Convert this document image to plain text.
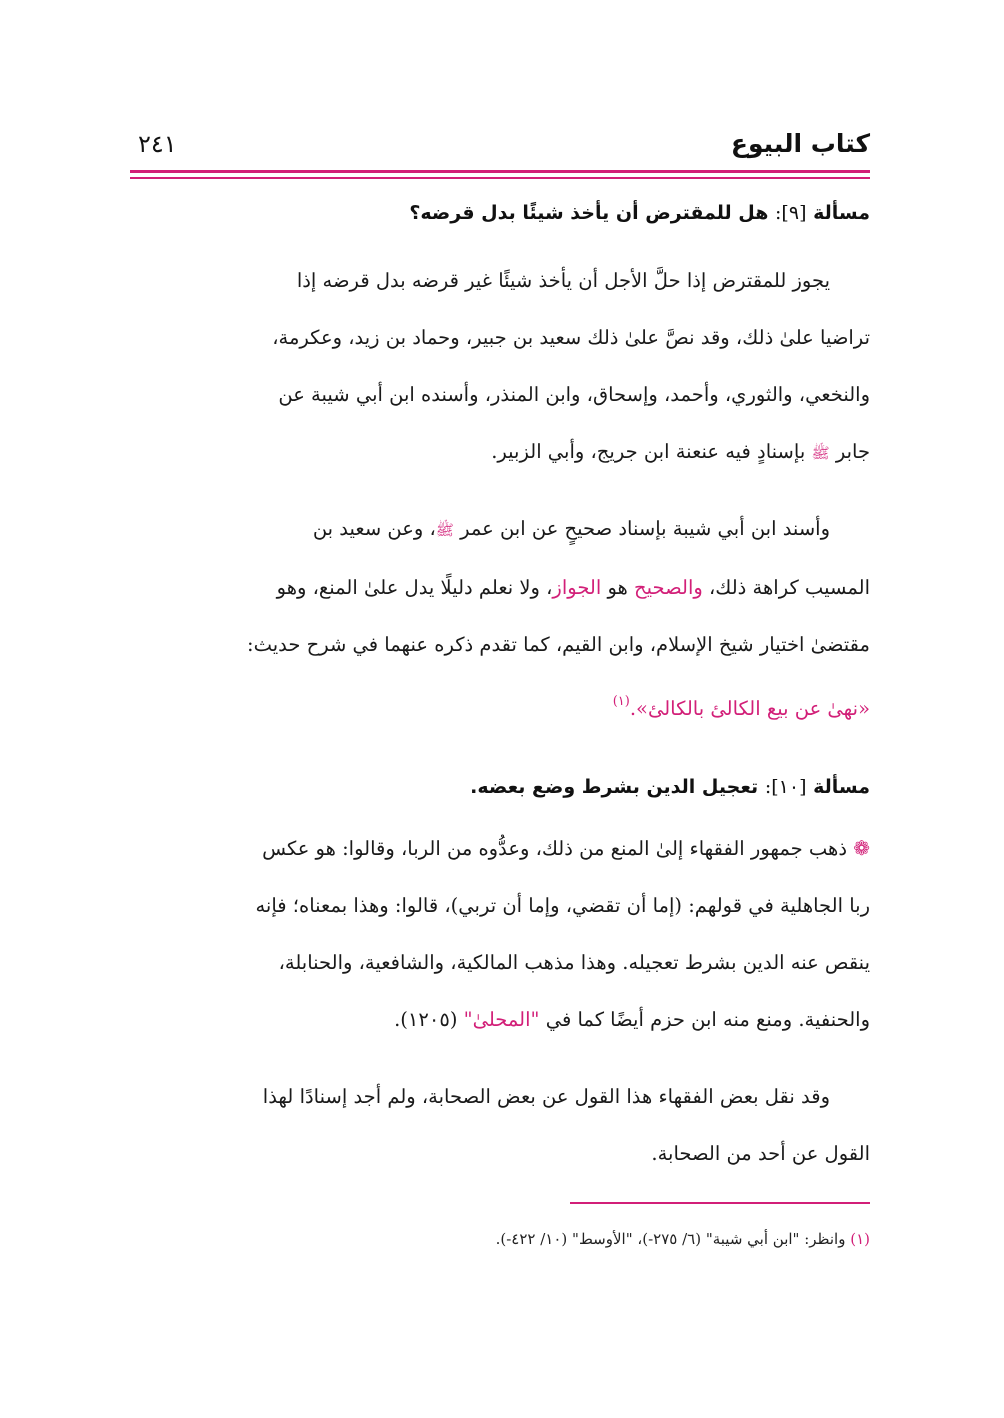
كتاب البيوع
٢٤١
مسألة [٩]: هل للمقترض أن يأخذ شيئًا بدل قرضه؟
يجوز للمقترض إذا حلَّ الأجل أن يأخذ شيئًا غير قرضه بدل قرضه إذا
تراضيا علىٰ ذلك، وقد نصَّ علىٰ ذلك سعيد بن جبير، وحماد بن زيد، وعكرمة،
والنخعي، والثوري، وأحمد، وإسحاق، وابن المنذر، وأسنده ابن أبي شيبة عن
جابر ﷺ بإسنادٍ فيه عنعنة ابن جريج، وأبي الزبير.
وأسند ابن أبي شيبة بإسناد صحيحٍ عن ابن عمر ﷺ، وعن سعيد بن
المسيب كراهة ذلك، والصحيح هو الجواز، ولا نعلم دليلًا يدل علىٰ المنع، وهو
مقتضىٰ اختيار شيخ الإسلام، وابن القيم، كما تقدم ذكره عنهما في شرح حديث:
«نهىٰ عن بيع الكالئ بالكالئ».$^{(١)}$
مسألة [١٠]: تعجيل الدين بشرط وضع بعضه.
❁ ذهب جمهور الفقهاء إلىٰ المنع من ذلك، وعدُّوه من الربا، وقالوا: هو عكس
ربا الجاهلية في قولهم: (إما أن تقضي، وإما أن تربي)، قالوا: وهذا بمعناه؛ فإنه
ينقص عنه الدين بشرط تعجيله. وهذا مذهب المالكية، والشافعية، والحنابلة،
والحنفية. ومنع منه ابن حزم أيضًا كما في "المحلىٰ" (١٢٠٥).
وقد نقل بعض الفقهاء هذا القول عن بعض الصحابة، ولم أجد إسنادًا لهذا
القول عن أحد من الصحابة.
(١) وانظر: "ابن أبي شيبة" (٦/ ٢٧٥-)، "الأوسط" (١٠/ ٤٢٢-).
